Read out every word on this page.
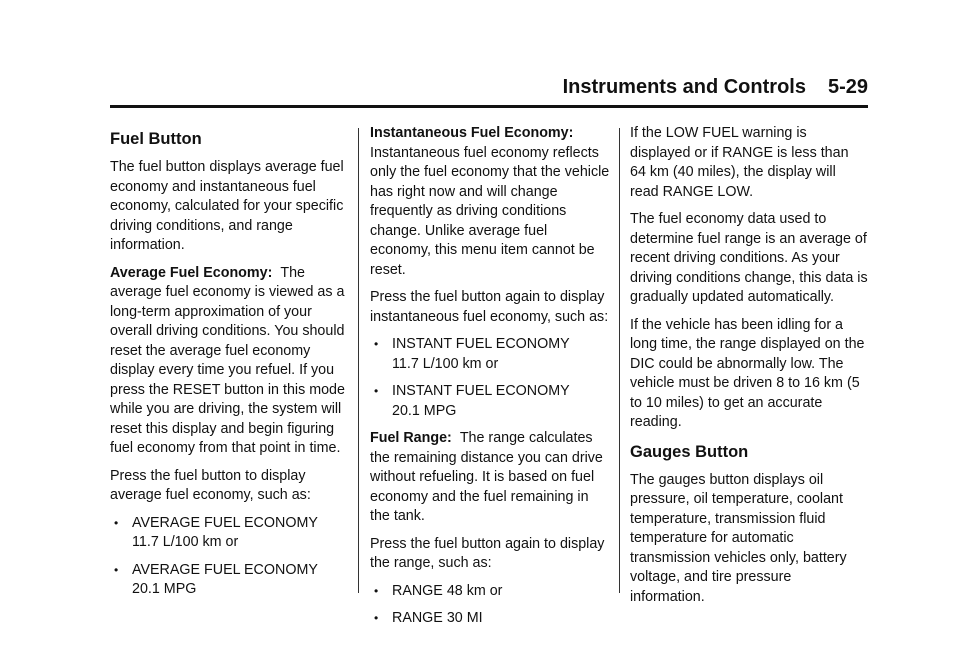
Instruments and Controls 5-29
Fuel Button

The fuel button displays average fuel economy and instantaneous fuel economy, calculated for your specific driving conditions, and range information.

Average Fuel Economy: The average fuel economy is viewed as a long-term approximation of your overall driving conditions. You should reset the average fuel economy display every time you refuel. If you press the RESET button in this mode while you are driving, the system will reset this display and begin figuring fuel economy from that point in time.

Press the fuel button to display average fuel economy, such as:

• AVERAGE FUEL ECONOMY
11.7 L/100 km or
• AVERAGE FUEL ECONOMY
20.1 MPG

Instantaneous Fuel Economy:
Instantaneous fuel economy reflects only the fuel economy that the vehicle has right now and will change frequently as driving conditions change. Unlike average fuel economy, this menu item cannot be reset.

Press the fuel button again to display instantaneous fuel economy, such as:

• INSTANT FUEL ECONOMY
11.7 L/100 km or
• INSTANT FUEL ECONOMY
20.1 MPG

Fuel Range: The range calculates the remaining distance you can drive without refueling. It is based on fuel economy and the fuel remaining in the tank.

Press the fuel button again to display the range, such as:

• RANGE 48 km or
• RANGE 30 MI

If the LOW FUEL warning is displayed or if RANGE is less than 64 km (40 miles), the display will read RANGE LOW.

The fuel economy data used to determine fuel range is an average of recent driving conditions. As your driving conditions change, this data is gradually updated automatically.

If the vehicle has been idling for a long time, the range displayed on the DIC could be abnormally low. The vehicle must be driven 8 to 16 km (5 to 10 miles) to get an accurate reading.

Gauges Button

The gauges button displays oil pressure, oil temperature, coolant temperature, transmission fluid temperature for automatic transmission vehicles only, battery voltage, and tire pressure information.
